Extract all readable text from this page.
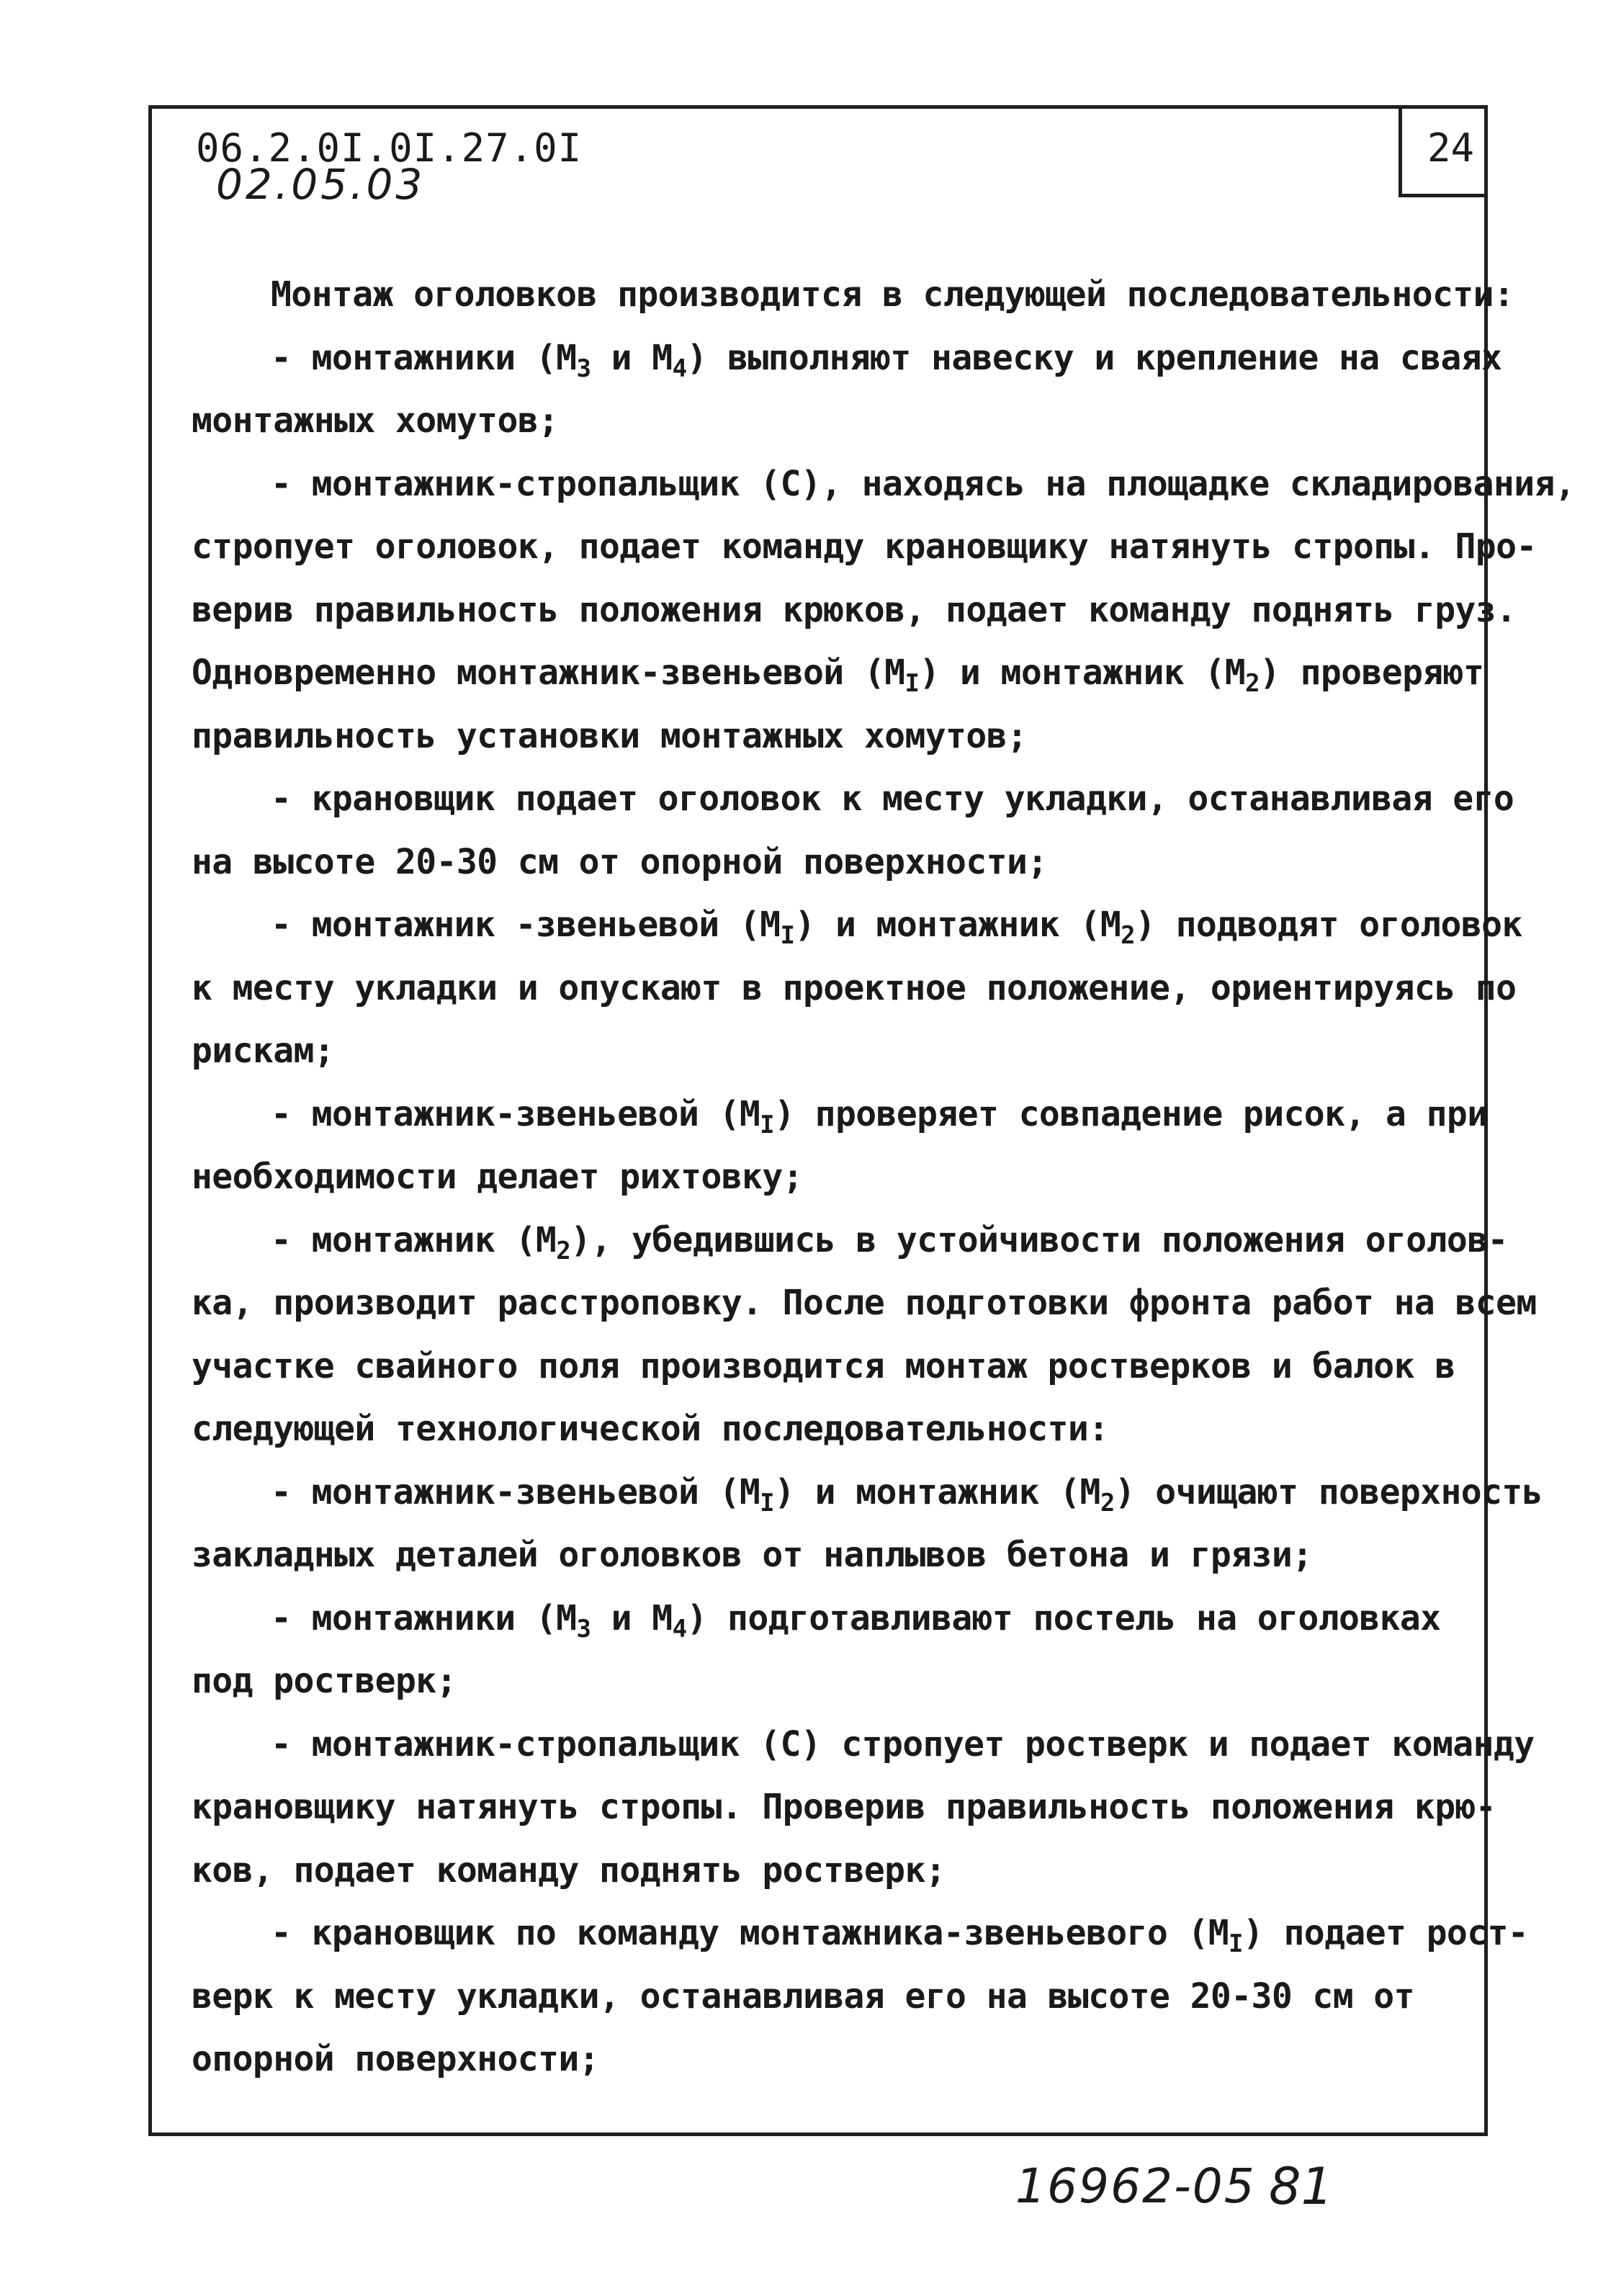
06.2.0I.0I.27.0I
02.05.03
24
Монтаж оголовков производится в следующей последовательности:
- монтажники ($М_3$ и $М_4$) выполняют навеску и крепление на сваях
монтажных хомутов;
- монтажник-стропальщик (С), находясь на площадке складирования,
стропует оголовок, подает команду крановщику натянуть стропы. Про-
верив правильность положения крюков, подает команду поднять груз.
Одновременно монтажник-звеньевой $(М_I)$ и монтажник $(М_2)$ проверяют
правильность установки монтажных хомутов;
- крановщик подает оголовок к месту укладки, останавливая его
на высоте 20-30 см от опорной поверхности;
- монтажник -звеньевой $(М_I)$ и монтажник $(М_2)$ подводят оголовок
к месту укладки и опускают в проектное положение, ориентируясь по
рискам;
- монтажник-звеньевой $(М_I)$ проверяет совпадение рисок, а при
необходимости делает рихтовку;
- монтажник $(М_2)$, убедившись в устойчивости положения оголов-
ка, производит расстроповку. После подготовки фронта работ на всем
участке свайного поля производится монтаж ростверков и балок в
следующей технологической последовательности:
- монтажник-звеньевой $(М_I)$ и монтажник $(М_2)$ очищают поверхность
закладных деталей оголовков от наплывов бетона и грязи;
- монтажники ($М_3$ и $М_4$) подготавливают постель на оголовках
под ростверк;
- монтажник-стропальщик (С) стропует ростверк и подает команду
крановщику натянуть стропы. Проверив правильность положения крю-
ков, подает команду поднять ростверк;
- крановщик по команду монтажника-звеньевого $(М_I)$ подает рост-
верк к месту укладки, останавливая его на высоте 20-30 см от
опорной поверхности;
16962-05 81
